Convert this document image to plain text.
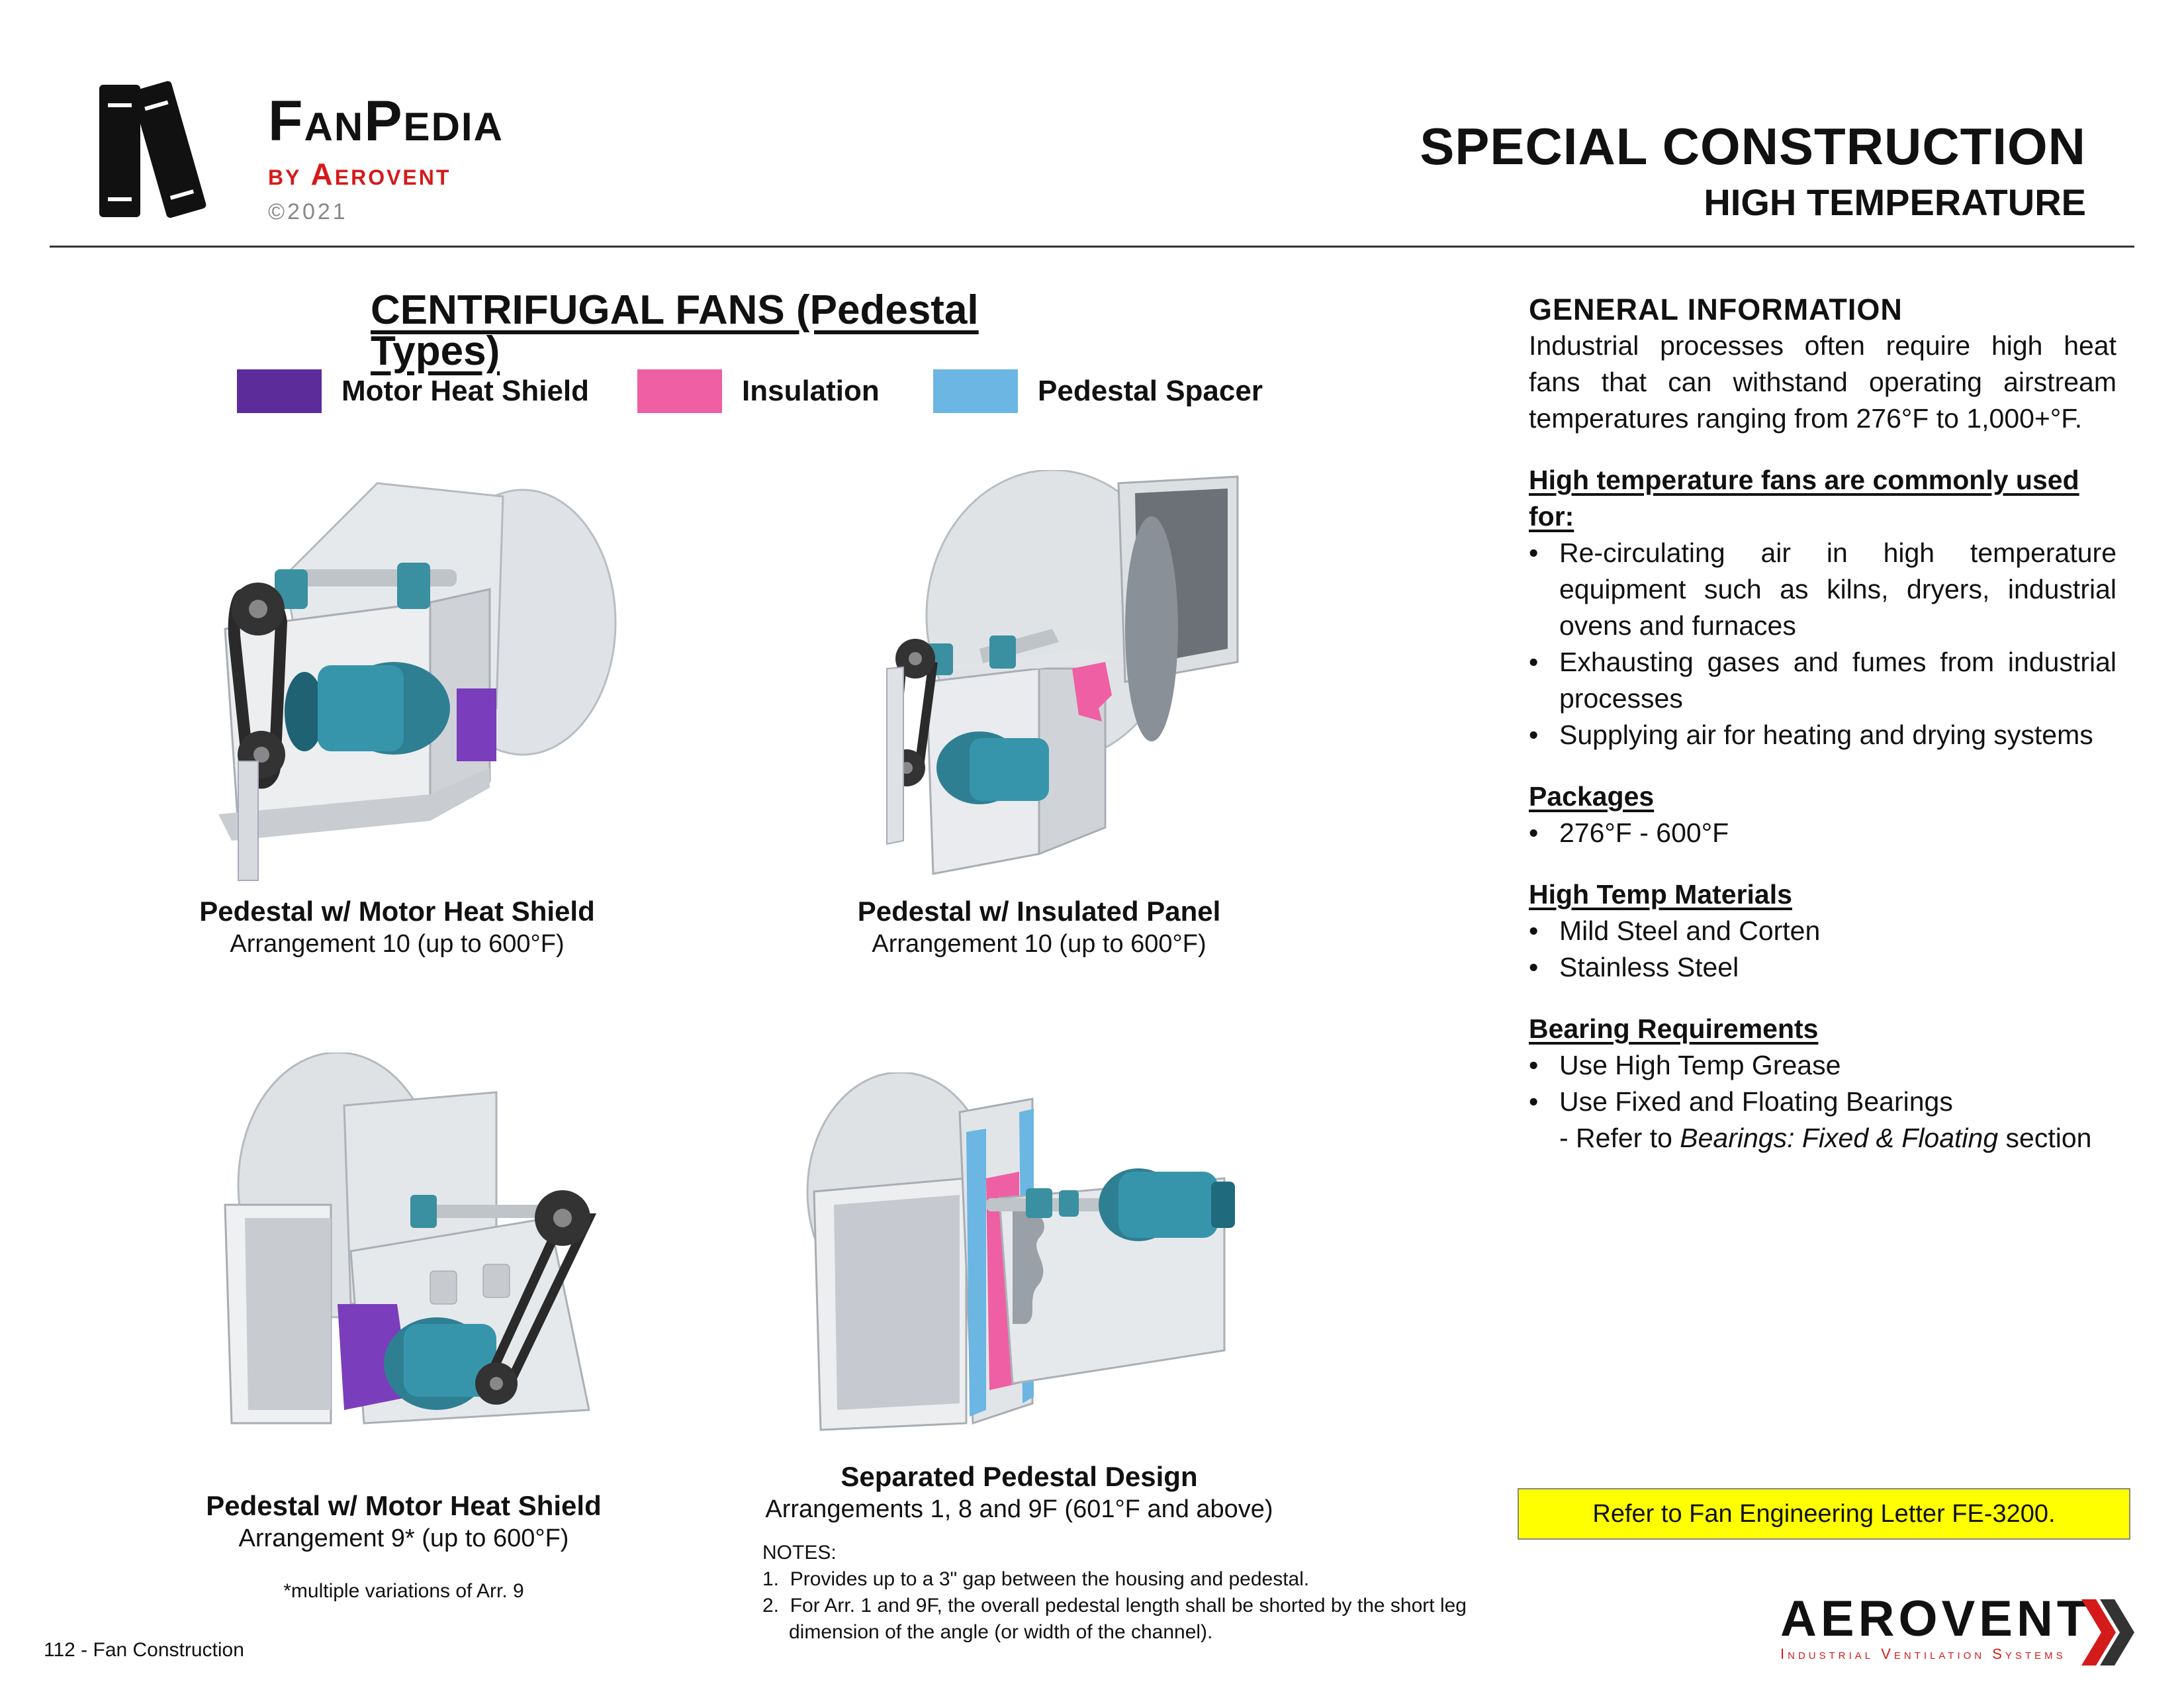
FanPedia
by Aerovent
©2021
SPECIAL CONSTRUCTION
HIGH TEMPERATURE
CENTRIFUGAL FANS (Pedestal Types)
Motor Heat Shield	Insulation	Pedestal Spacer
Pedestal w/ Motor Heat Shield
Arrangement 10 (up to 600°F)
Pedestal w/ Insulated Panel
Arrangement 10 (up to 600°F)
Pedestal w/ Motor Heat Shield
Arrangement 9* (up to 600°F)
*multiple variations of Arr. 9
Separated Pedestal Design
Arrangements 1, 8 and 9F (601°F and above)
NOTES:
1.  Provides up to a 3" gap between the housing and pedestal.
2.  For Arr. 1 and 9F, the overall pedestal length shall be shorted by the short leg
dimension of the angle (or width of the channel).
GENERAL INFORMATION
Industrial processes often require high heat
fans that can withstand operating airstream
temperatures ranging from 276°F to 1,000+°F.
High temperature fans are commonly used for:
• Re-circulating air in high temperature
equipment such as kilns, dryers, industrial
ovens and furnaces
• Exhausting gases and fumes from industrial
processes
• Supplying air for heating and drying systems
Packages
• 276°F - 600°F
High Temp Materials
• Mild Steel and Corten
• Stainless Steel
Bearing Requirements
• Use High Temp Grease
• Use Fixed and Floating Bearings
- Refer to Bearings: Fixed & Floating section
Refer to Fan Engineering Letter FE-3200.
112 - Fan Construction
AEROVENT
Industrial Ventilation Systems
